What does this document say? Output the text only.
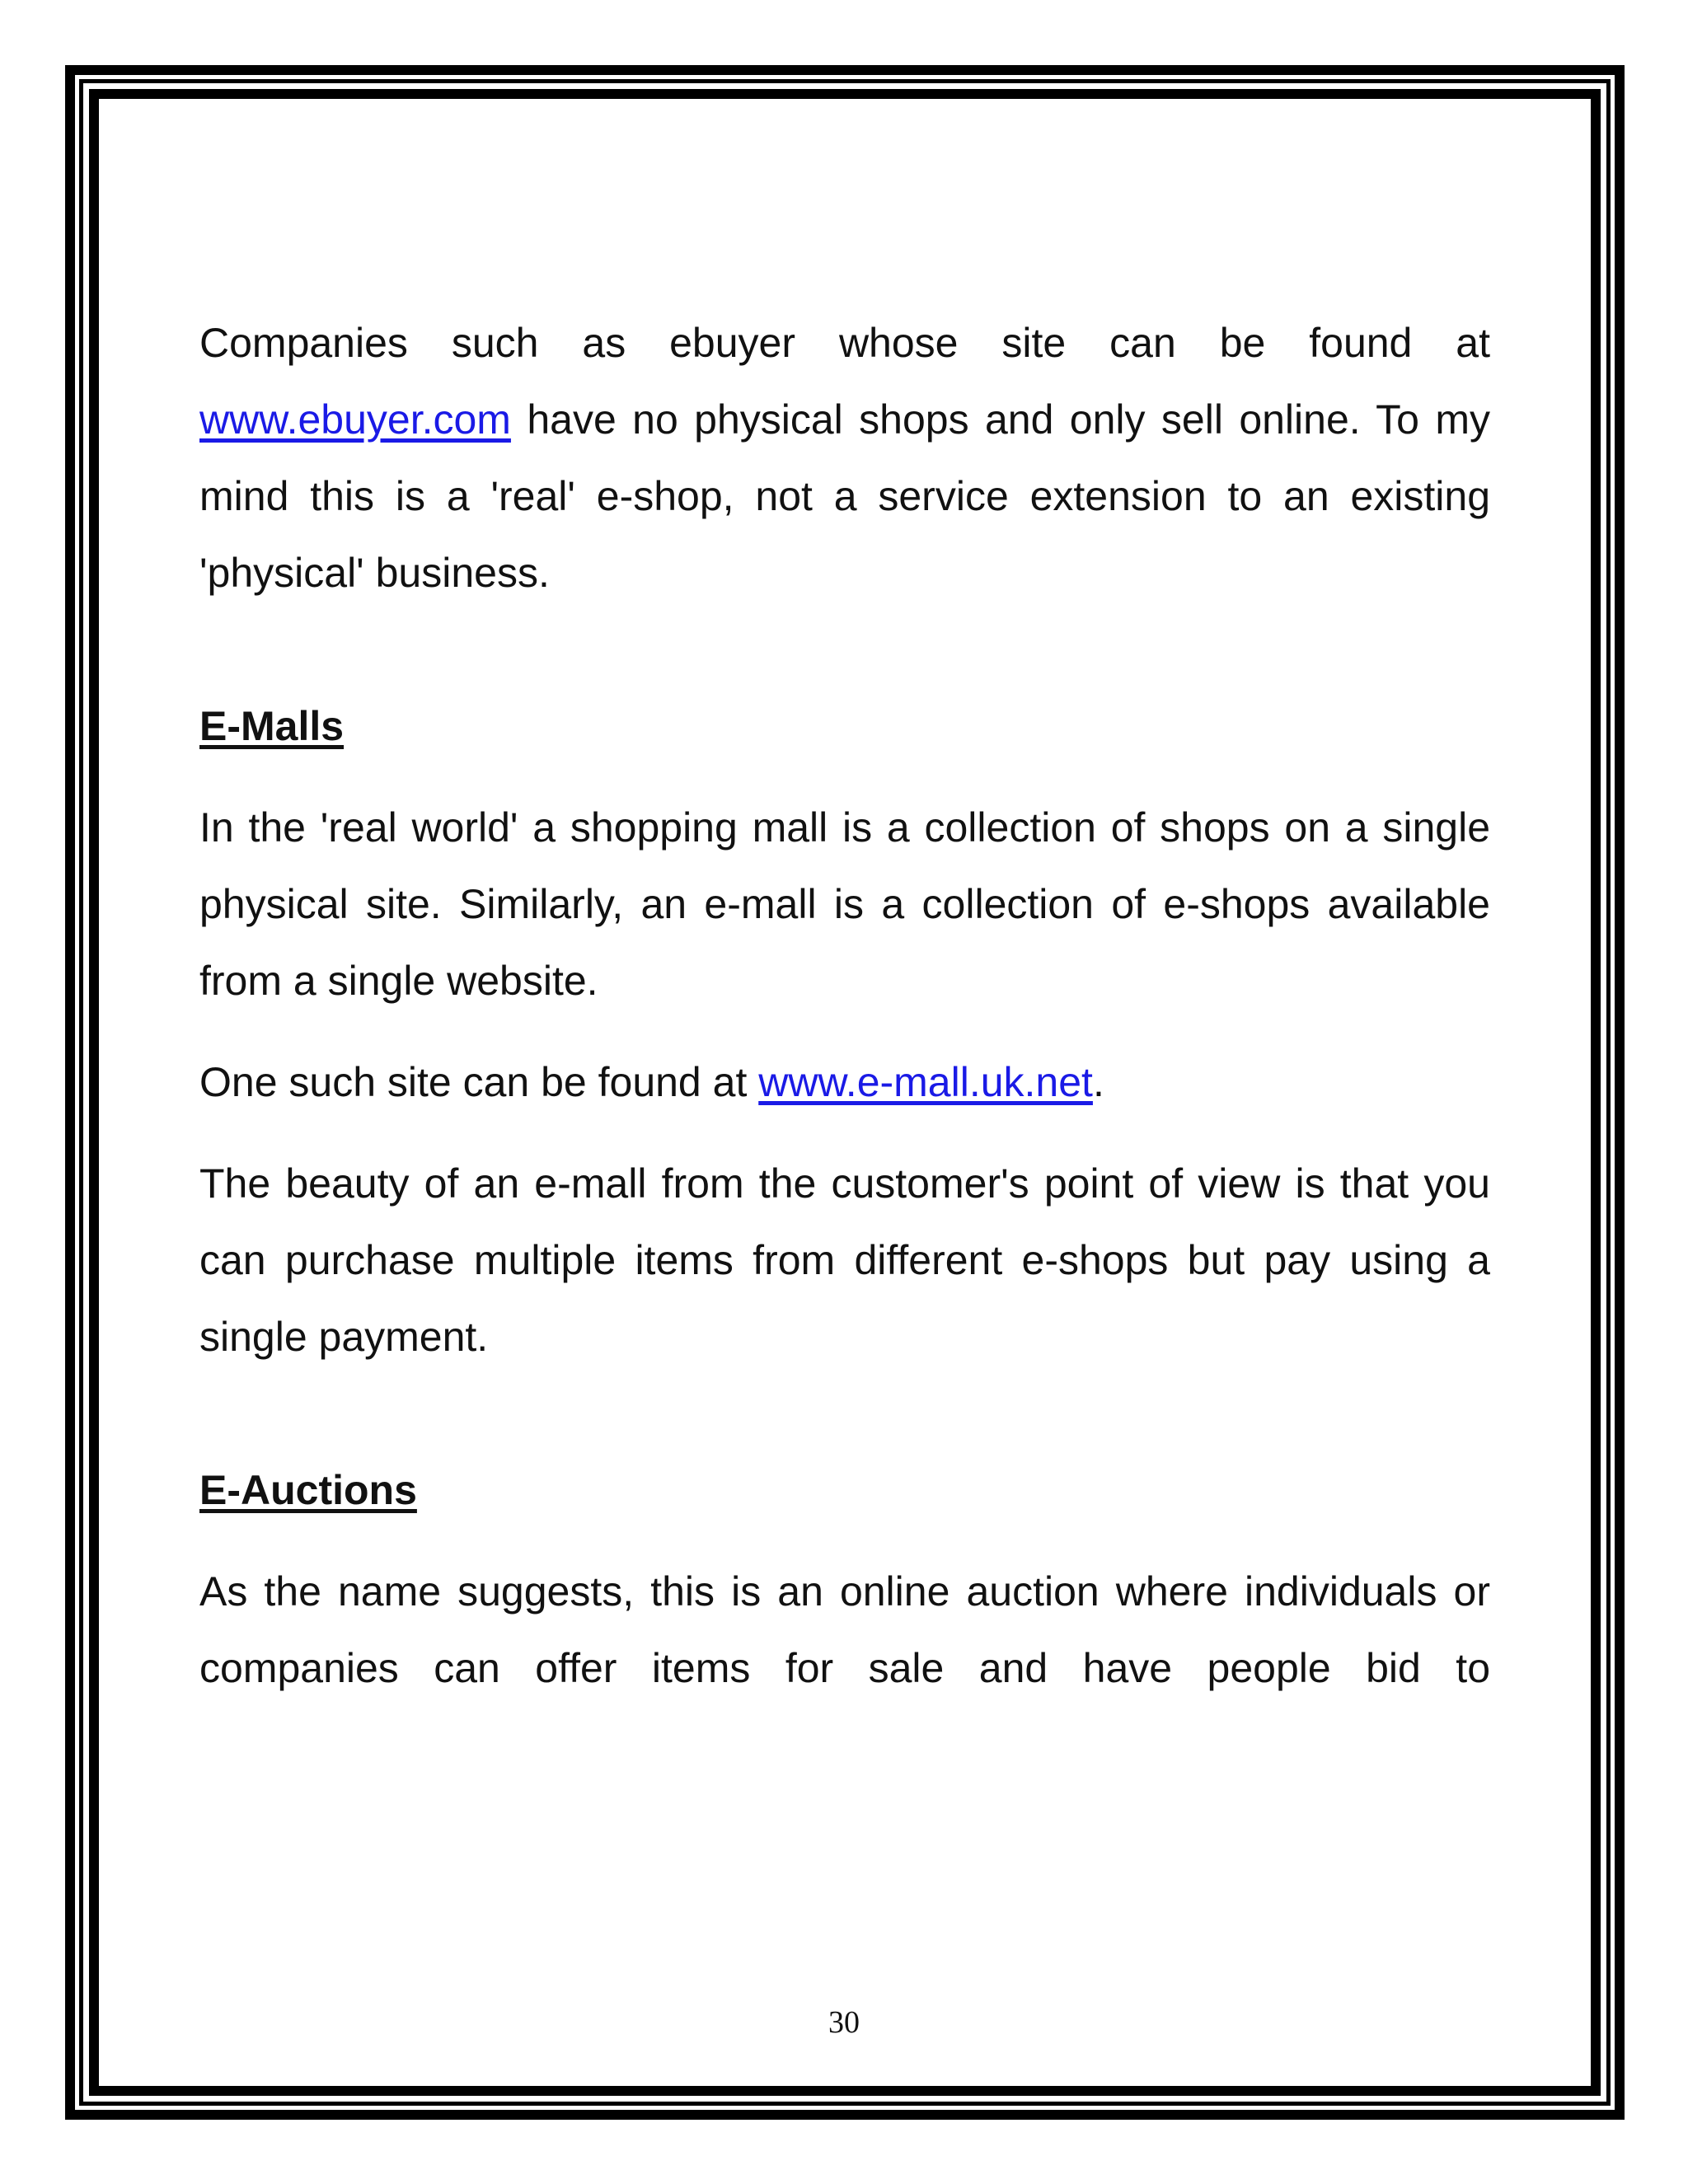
Companies such as ebuyer whose site can be found at www.ebuyer.com have no physical shops and only sell online. To my mind this is a 'real' e-shop, not a service extension to an existing 'physical' business.

E-Malls

In the 'real world' a shopping mall is a collection of shops on a single physical site. Similarly, an e-mall is a collection of e-shops available from a single website.

One such site can be found at www.e-mall.uk.net.

The beauty of an e-mall from the customer's point of view is that you can purchase multiple items from different e-shops but pay using a single payment.

E-Auctions

As the name suggests, this is an online auction where individuals or companies can offer items for sale and have people bid to

30
